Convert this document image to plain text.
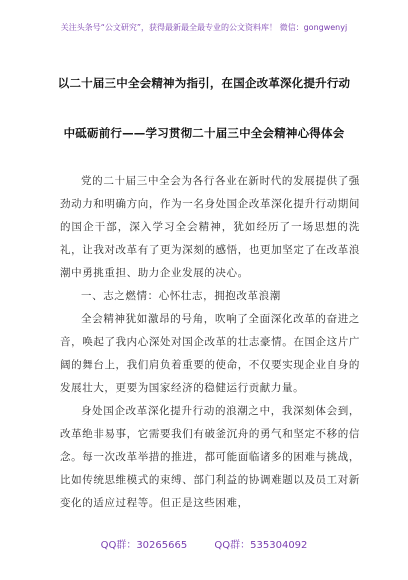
关注头条号“公文研究”，获得最新最全最专业的公文资料库！ 微信：gongwenyj
以二十届三中全会精神为指引，在国企改革深化提升行动
中砥砺前行——学习贯彻二十届三中全会精神心得体会

党的二十届三中全会为各行各业在新时代的发展提供了强劲动力和明确方向，作为一名身处国企改革深化提升行动期间的国企干部，深入学习全会精神，犹如经历了一场思想的洗礼，让我对改革有了更为深刻的感悟，也更加坚定了在改革浪潮中勇挑重担、助力企业发展的决心。

一、志之燃情：心怀壮志，拥抱改革浪潮

全会精神犹如激昂的号角，吹响了全面深化改革的奋进之音，唤起了我内心深处对国企改革的壮志豪情。在国企这片广阔的舞台上，我们肩负着重要的使命，不仅要实现企业自身的发展壮大，更要为国家经济的稳健运行贡献力量。

身处国企改革深化提升行动的浪潮之中，我深刻体会到，改革绝非易事，它需要我们有破釜沉舟的勇气和坚定不移的信念。每一次改革举措的推进，都可能面临诸多的困难与挑战，比如传统思维模式的束缚、部门利益的协调难题以及员工对新变化的适应过程等。但正是这些困难，

QQ群：30265665	QQ群：535304092
